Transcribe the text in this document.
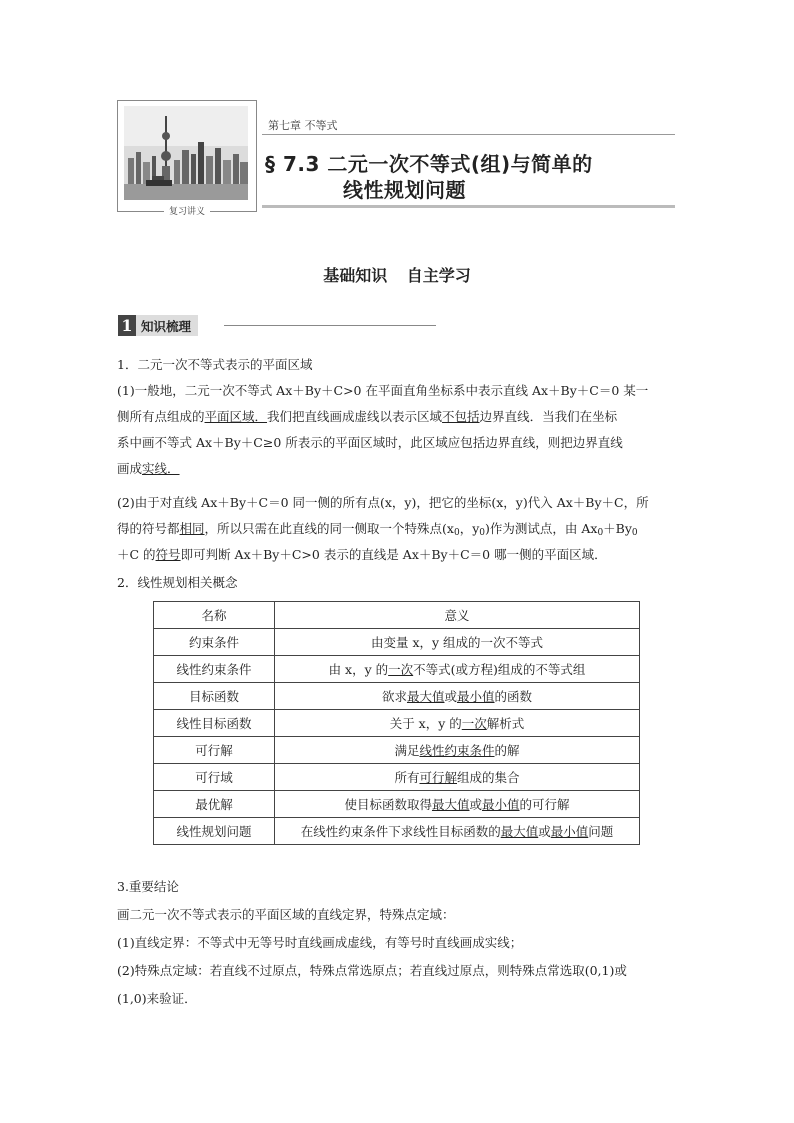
复习讲义
第七章 不等式
§ 7.3 二元一次不等式(组)与简单的
线性规划问题
基础知识 自主学习
1 知识梳理
1．二元一次不等式表示的平面区域
(1)一般地，二元一次不等式 Ax＋By＋C>0 在平面直角坐标系中表示直线 Ax＋By＋C＝0 某一
侧所有点组成的平面区域．我们把直线画成虚线以表示区域不包括边界直线．当我们在坐标
系中画不等式 Ax＋By＋C≥0 所表示的平面区域时，此区域应包括边界直线，则把边界直线
画成实线．
(2)由于对直线 Ax＋By＋C＝0 同一侧的所有点(x，y)，把它的坐标(x，y)代入 Ax＋By＋C，所
得的符号都相同，所以只需在此直线的同一侧取一个特殊点($x_0$，$y_0$)作为测试点，由 $Ax_0+By_0$
＋C 的符号即可判断 Ax＋By＋C>0 表示的直线是 Ax＋By＋C＝0 哪一侧的平面区域．
2．线性规划相关概念
名称	意义
约束条件	由变量 x，y 组成的一次不等式
线性约束条件	由 x，y 的一次不等式(或方程)组成的不等式组
目标函数	欲求最大值或最小值的函数
线性目标函数	关于 x，y 的一次解析式
可行解	满足线性约束条件的解
可行域	所有可行解组成的集合
最优解	使目标函数取得最大值或最小值的可行解
线性规划问题	在线性约束条件下求线性目标函数的最大值或最小值问题
3.重要结论
画二元一次不等式表示的平面区域的直线定界，特殊点定域：
(1)直线定界：不等式中无等号时直线画成虚线，有等号时直线画成实线；
(2)特殊点定域：若直线不过原点，特殊点常选原点；若直线过原点，则特殊点常选取(0,1)或
(1,0)来验证．
